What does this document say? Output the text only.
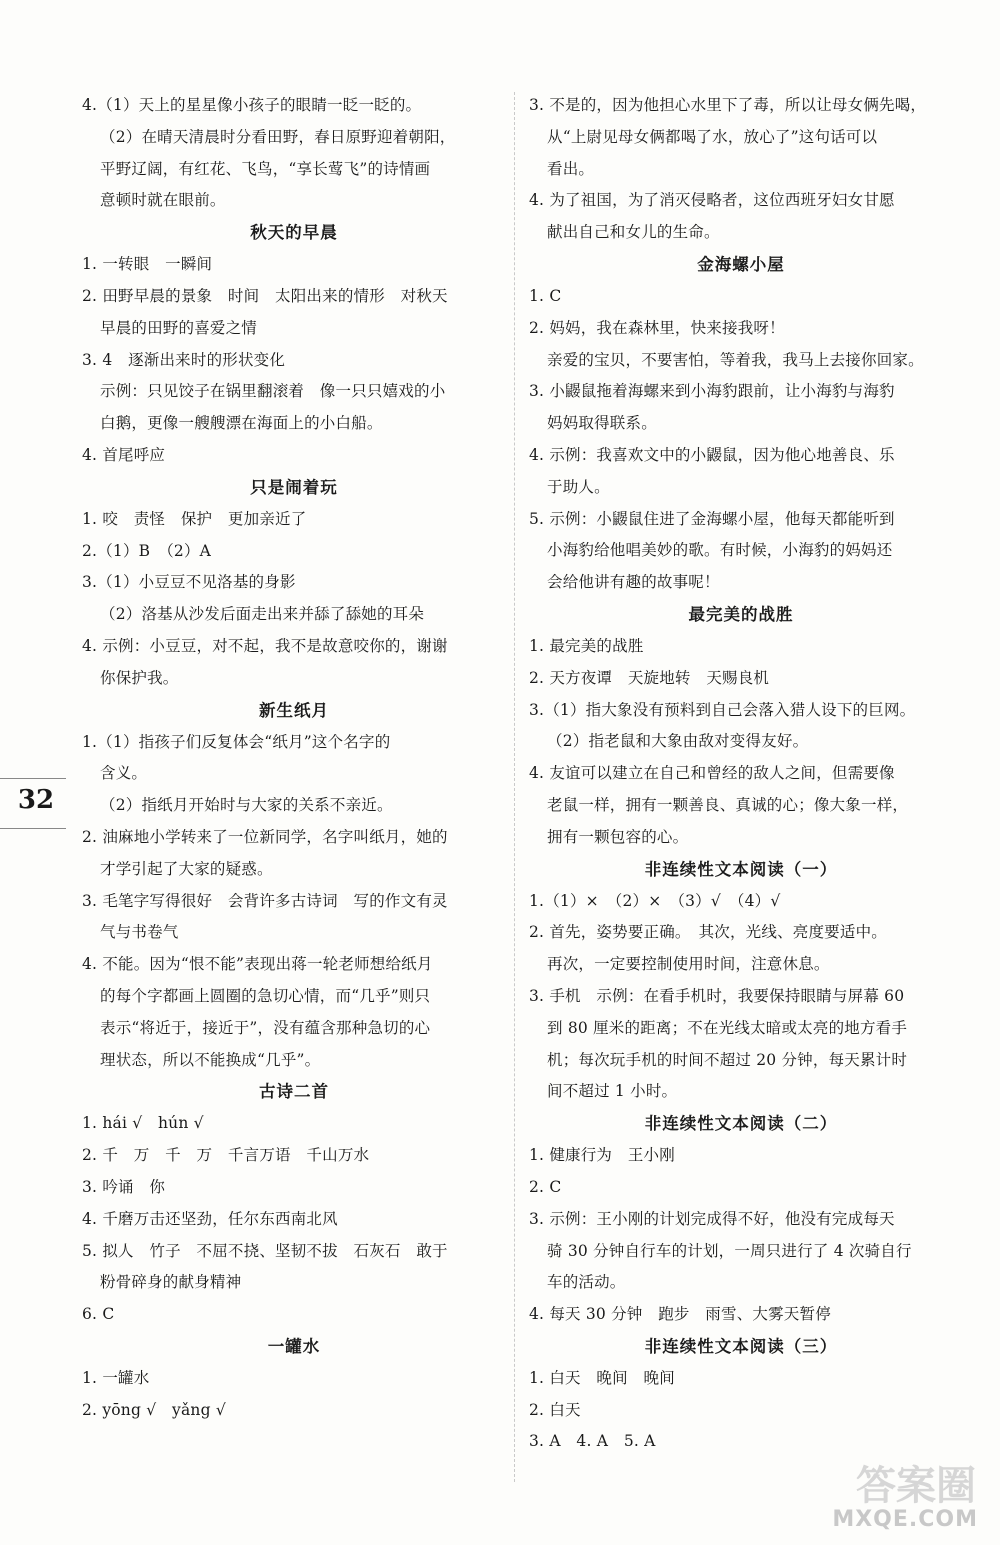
4.（1）天上的星星像小孩子的眼睛一眨一眨的。
（2）在晴天清晨时分看田野，春日原野迎着朝阳，
平野辽阔，有红花、飞鸟，“享长莺飞”的诗情画
意顿时就在眼前。
秋天的早晨
1. 一转眼　一瞬间
2. 田野早晨的景象　时间　太阳出来的情形　对秋天
早晨的田野的喜爱之情
3. 4　逐渐出来时的形状变化
示例：只见饺子在锅里翻滚着　像一只只嬉戏的小
白鹅，更像一艘艘漂在海面上的小白船。
4. 首尾呼应
只是闹着玩
1. 咬　责怪　保护　更加亲近了
2.（1）B　（2）A
3.（1）小豆豆不见洛基的身影
（2）洛基从沙发后面走出来并舔了舔她的耳朵
4. 示例：小豆豆，对不起，我不是故意咬你的，谢谢
你保护我。
新生纸月
1.（1）指孩子们反复体会“纸月”这个名字的
含义。
（2）指纸月开始时与大家的关系不亲近。
2. 油麻地小学转来了一位新同学，名字叫纸月，她的
才学引起了大家的疑惑。
3. 毛笔字写得很好　会背许多古诗词　写的作文有灵
气与书卷气
4. 不能。因为“恨不能”表现出蒋一轮老师想给纸月
的每个字都画上圆圈的急切心情，而“几乎”则只
表示“将近于，接近于”，没有蕴含那种急切的心
理状态，所以不能换成“几乎”。
古诗二首
1. hái √　hún √
2. 千　万　千　万　千言万语　千山万水
3. 吟诵　你
4. 千磨万击还坚劲，任尔东西南北风
5. 拟人　竹子　不屈不挠、坚韧不拔　石灰石　敢于
粉骨碎身的献身精神
6. C
一罐水
1. 一罐水
2. yōng √　yǎng √
3. 不是的，因为他担心水里下了毒，所以让母女俩先喝，
从“上尉见母女俩都喝了水，放心了”这句话可以
看出。
4. 为了祖国，为了消灭侵略者，这位西班牙妇女甘愿
献出自己和女儿的生命。
金海螺小屋
1. C
2. 妈妈，我在森林里，快来接我呀！
亲爱的宝贝，不要害怕，等着我，我马上去接你回家。
3. 小鼹鼠拖着海螺来到小海豹跟前，让小海豹与海豹
妈妈取得联系。
4. 示例：我喜欢文中的小鼹鼠，因为他心地善良、乐
于助人。
5. 示例：小鼹鼠住进了金海螺小屋，他每天都能听到
小海豹给他唱美妙的歌。有时候，小海豹的妈妈还
会给他讲有趣的故事呢！
最完美的战胜
1. 最完美的战胜
2. 天方夜谭　天旋地转　天赐良机
3.（1）指大象没有预料到自己会落入猎人设下的巨网。
（2）指老鼠和大象由敌对变得友好。
4. 友谊可以建立在自己和曾经的敌人之间，但需要像
老鼠一样，拥有一颗善良、真诚的心；像大象一样，
拥有一颗包容的心。
非连续性文本阅读（一）
1.（1）×　（2）×　（3）√　（4）√
2. 首先，姿势要正确。　其次，光线、亮度要适中。
再次，一定要控制使用时间，注意休息。
3. 手机　示例：在看手机时，我要保持眼睛与屏幕 60
到 80 厘米的距离；不在光线太暗或太亮的地方看手
机；每次玩手机的时间不超过 20 分钟，每天累计时
间不超过 1 小时。
非连续性文本阅读（二）
1. 健康行为　王小刚
2. C
3. 示例：王小刚的计划完成得不好，他没有完成每天
骑 30 分钟自行车的计划，一周只进行了 4 次骑自行
车的活动。
4. 每天 30 分钟　跑步　雨雪、大雾天暂停
非连续性文本阅读（三）
1. 白天　晚间　晚间
2. 白天
3. A　4. A　5. A
32
答案圈
MXQE.COM
